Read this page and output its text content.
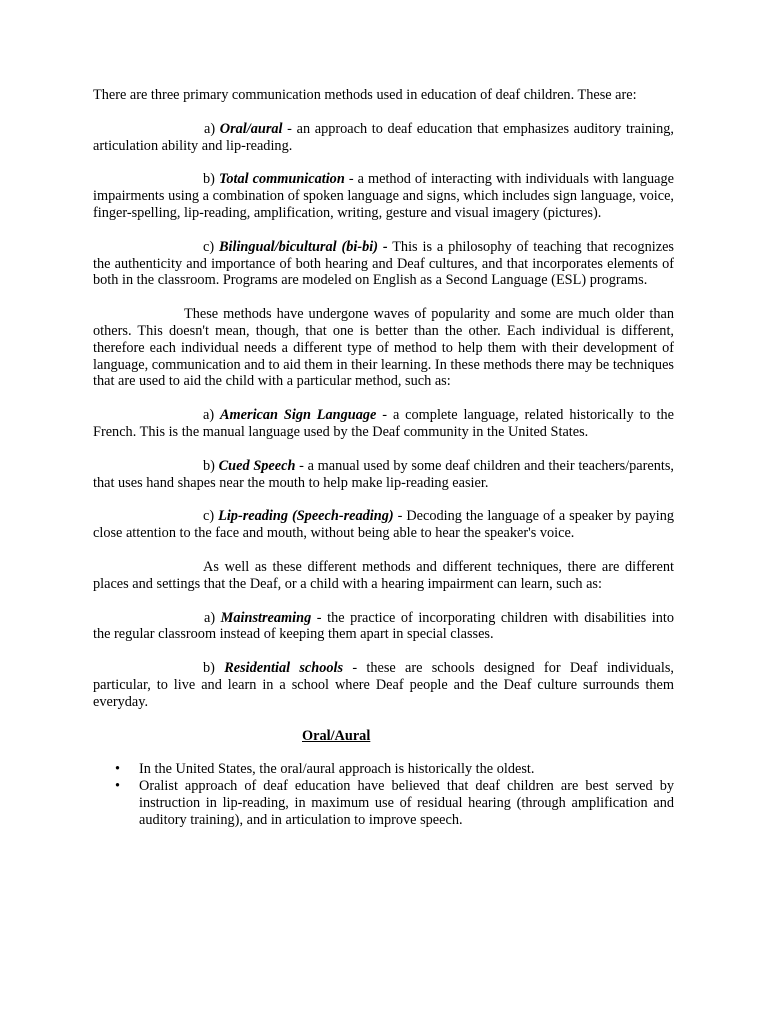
There are three primary communication methods used in education of deaf children. These are:

a) Oral/aural - an approach to deaf education that emphasizes auditory training, articulation ability and lip-reading.

b) Total communication - a method of interacting with individuals with language impairments using a combination of spoken language and signs, which includes sign language, voice, finger-spelling, lip-reading, amplification, writing, gesture and visual imagery (pictures).

c) Bilingual/bicultural (bi-bi) - This is a philosophy of teaching that recognizes the authenticity and importance of both hearing and Deaf cultures, and that incorporates elements of both in the classroom. Programs are modeled on English as a Second Language (ESL) programs.

These methods have undergone waves of popularity and some are much older than others. This doesn't mean, though, that one is better than the other. Each individual is different, therefore each individual needs a different type of method to help them with their development of language, communication and to aid them in their learning. In these methods there may be techniques that are used to aid the child with a particular method, such as:

a) American Sign Language - a complete language, related historically to the French. This is the manual language used by the Deaf community in the United States.

b) Cued Speech - a manual used by some deaf children and their teachers/parents, that uses hand shapes near the mouth to help make lip-reading easier.

c) Lip-reading (Speech-reading) - Decoding the language of a speaker by paying close attention to the face and mouth, without being able to hear the speaker's voice.

As well as these different methods and different techniques, there are different places and settings that the Deaf, or a child with a hearing impairment can learn, such as:

a) Mainstreaming - the practice of incorporating children with disabilities into the regular classroom instead of keeping them apart in special classes.

b) Residential schools - these are schools designed for Deaf individuals, particular, to live and learn in a school where Deaf people and the Deaf culture surrounds them everyday.

Oral/Aural
• In the United States, the oral/aural approach is historically the oldest.
• Oralist approach of deaf education have believed that deaf children are best served by instruction in lip-reading, in maximum use of residual hearing (through amplification and auditory training), and in articulation to improve speech.
